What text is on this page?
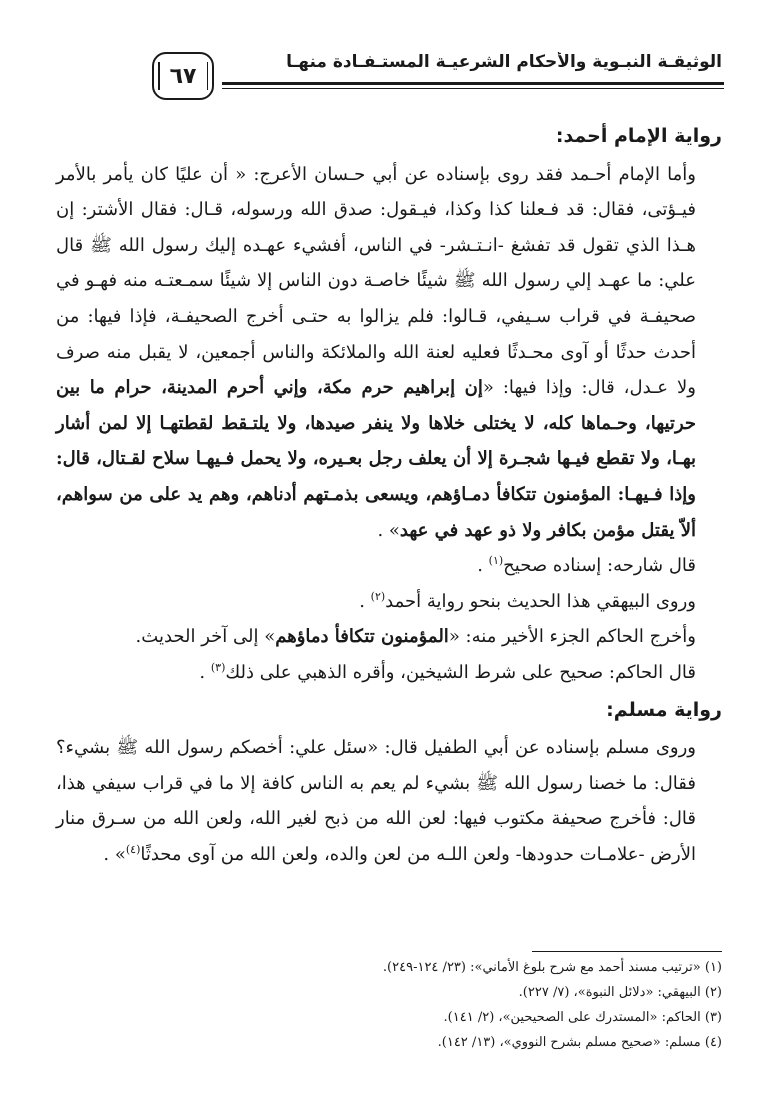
الوثيقـة النبـوية والأحكام الشرعيـة المستـفـادة منهـا
٦٧
رواية الإمام أحمد:

وأما الإمام أحـمد فقد روى بإسناده عن أبي حـسان الأعرج: « أن عليًا كان يأمر بالأمر فيـؤتى، فقال: قد فـعلنا كذا وكذا، فيـقول: صدق الله ورسوله، قـال: فقال الأشتر: إن هـذا الذي تقول قد تفشغ -انـتـشر- في الناس، أفشيء عهـده إليك رسول الله ﷺ قال علي: ما عهـد إلي رسول الله ﷺ شيئًا خاصـة دون الناس إلا شيئًا سمـعتـه منه فهـو في صحيفـة في قراب سـيفي، قـالوا: فلم يزالوا به حتـى أخرج الصحيفـة، فإذا فيها: من أحدث حدثًا أو آوى محـدثًا فعليه لعنة الله والملائكة والناس أجمعين، لا يقبل منه صرف ولا عـدل، قال: وإذا فيها: «إن إبراهيم حرم مكة، وإني أحرم المدينة، حرام ما بين حرتيها، وحـماها كله، لا يختلى خلاها ولا ينفر صيدها، ولا يلتـقط لقطتهـا إلا لمن أشار بهـا، ولا تقطع فيـها شجـرة إلا أن يعلف رجل بعـيره، ولا يحمل فـيهـا سلاح لقـتال، قال: وإذا فـيهـا: المؤمنون تتكافأ دمـاؤهم، ويسعى بذمـتهم أدناهم، وهم يد على من سواهم، ألاّ يقتل مؤمن بكافر ولا ذو عهد في عهد» .

قال شارحه: إسناده صحيح$^{(١)}$ .

وروى البيهقي هذا الحديث بنحو رواية أحمد$^{(٢)}$ .

وأخرج الحاكم الجزء الأخير منه: «المؤمنون تتكافأ دماؤهم» إلى آخر الحديث.

قال الحاكم: صحيح على شرط الشيخين، وأقره الذهبي على ذلك$^{(٣)}$ .

رواية مسلم:

وروى مسلم بإسناده عن أبي الطفيل قال: «سئل علي: أخصكم رسول الله ﷺ بشيء؟ فقال: ما خصنا رسول الله ﷺ بشيء لم يعم به الناس كافة إلا ما في قراب سيفي هذا، قال: فأخرج صحيفة مكتوب فيها: لعن الله من ذبح لغير الله، ولعن الله من سـرق منار الأرض -علامـات حدودها- ولعن اللـه من لعن والده، ولعن الله من آوى محدثًا$^{(٤)}$» .

(١) «ترتيب مسند أحمد مع شرح بلوغ الأماني»: (٢٣/ ١٢٤-٢٤٩).

(٢) البيهقي: «دلائل النبوة»، (٧/ ٢٢٧).

(٣) الحاكم: «المستدرك على الصحيحين»، (٢/ ١٤١).

(٤) مسلم: «صحيح مسلم بشرح النووي»، (١٣/ ١٤٢).
